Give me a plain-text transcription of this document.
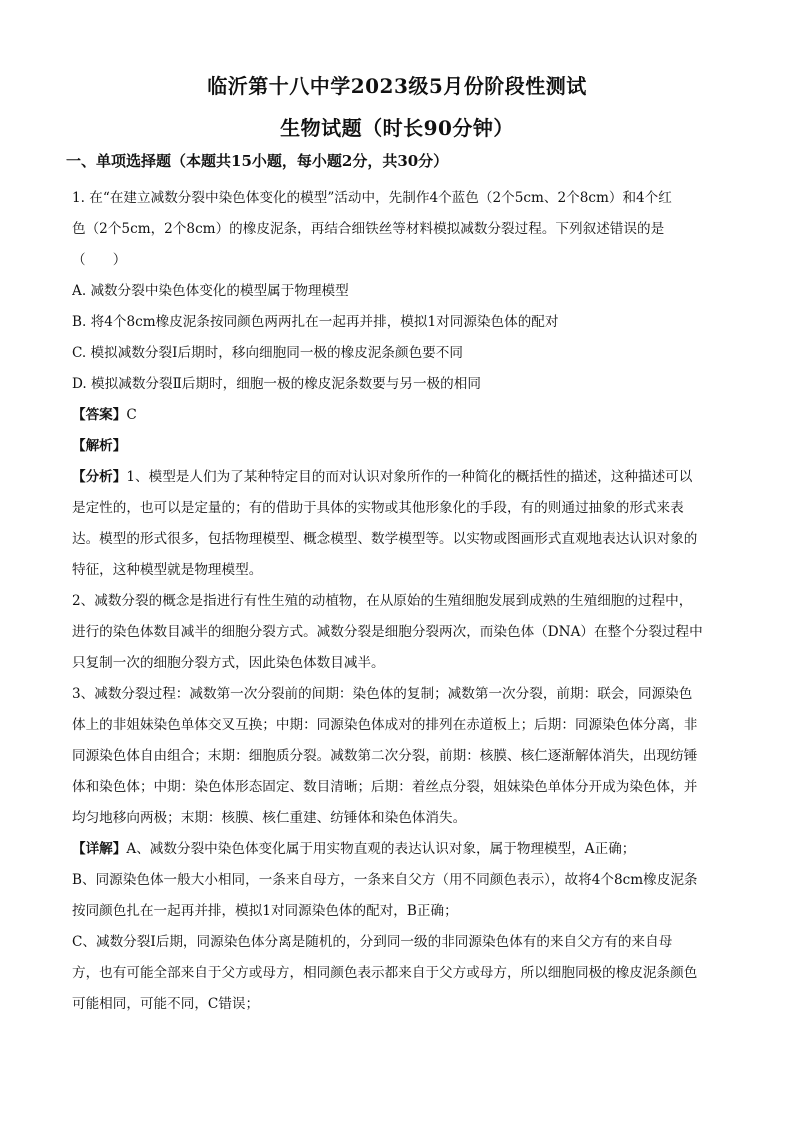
临沂第十八中学2023级5月份阶段性测试
生物试题（时长90分钟）
一、单项选择题（本题共15小题，每小题2分，共30分）
1. 在“在建立减数分裂中染色体变化的模型”活动中，先制作4个蓝色（2个5cm、2个8cm）和4个红
色（2个5cm，2个8cm）的橡皮泥条，再结合细铁丝等材料模拟减数分裂过程。下列叙述错误的是
（　　）
A. 减数分裂中染色体变化的模型属于物理模型
B. 将4个8cm橡皮泥条按同颜色两两扎在一起再并排，模拟1对同源染色体的配对
C. 模拟减数分裂Ⅰ后期时，移向细胞同一极的橡皮泥条颜色要不同
D. 模拟减数分裂Ⅱ后期时，细胞一极的橡皮泥条数要与另一极的相同
【答案】C
【解析】
【分析】1、模型是人们为了某种特定目的而对认识对象所作的一种简化的概括性的描述，这种描述可以
是定性的，也可以是定量的；有的借助于具体的实物或其他形象化的手段，有的则通过抽象的形式来表
达。模型的形式很多，包括物理模型、概念模型、数学模型等。以实物或图画形式直观地表达认识对象的
特征，这种模型就是物理模型。
2、减数分裂的概念是指进行有性生殖的动植物，在从原始的生殖细胞发展到成熟的生殖细胞的过程中，
进行的染色体数目减半的细胞分裂方式。减数分裂是细胞分裂两次，而染色体（DNA）在整个分裂过程中
只复制一次的细胞分裂方式，因此染色体数目减半。
3、减数分裂过程：减数第一次分裂前的间期：染色体的复制；减数第一次分裂，前期：联会，同源染色
体上的非姐妹染色单体交叉互换；中期：同源染色体成对的排列在赤道板上；后期：同源染色体分离，非
同源染色体自由组合；末期：细胞质分裂。减数第二次分裂，前期：核膜、核仁逐渐解体消失，出现纺锤
体和染色体；中期：染色体形态固定、数目清晰；后期：着丝点分裂，姐妹染色单体分开成为染色体，并
均匀地移向两极；末期：核膜、核仁重建、纺锤体和染色体消失。
【详解】A、减数分裂中染色体变化属于用实物直观的表达认识对象，属于物理模型，A正确；
B、同源染色体一般大小相同，一条来自母方，一条来自父方（用不同颜色表示），故将4个8cm橡皮泥条
按同颜色扎在一起再并排，模拟1对同源染色体的配对，B正确；
C、减数分裂Ⅰ后期，同源染色体分离是随机的，分到同一级的非同源染色体有的来自父方有的来自母
方，也有可能全部来自于父方或母方，相同颜色表示都来自于父方或母方，所以细胞同极的橡皮泥条颜色
可能相同，可能不同，C错误；
